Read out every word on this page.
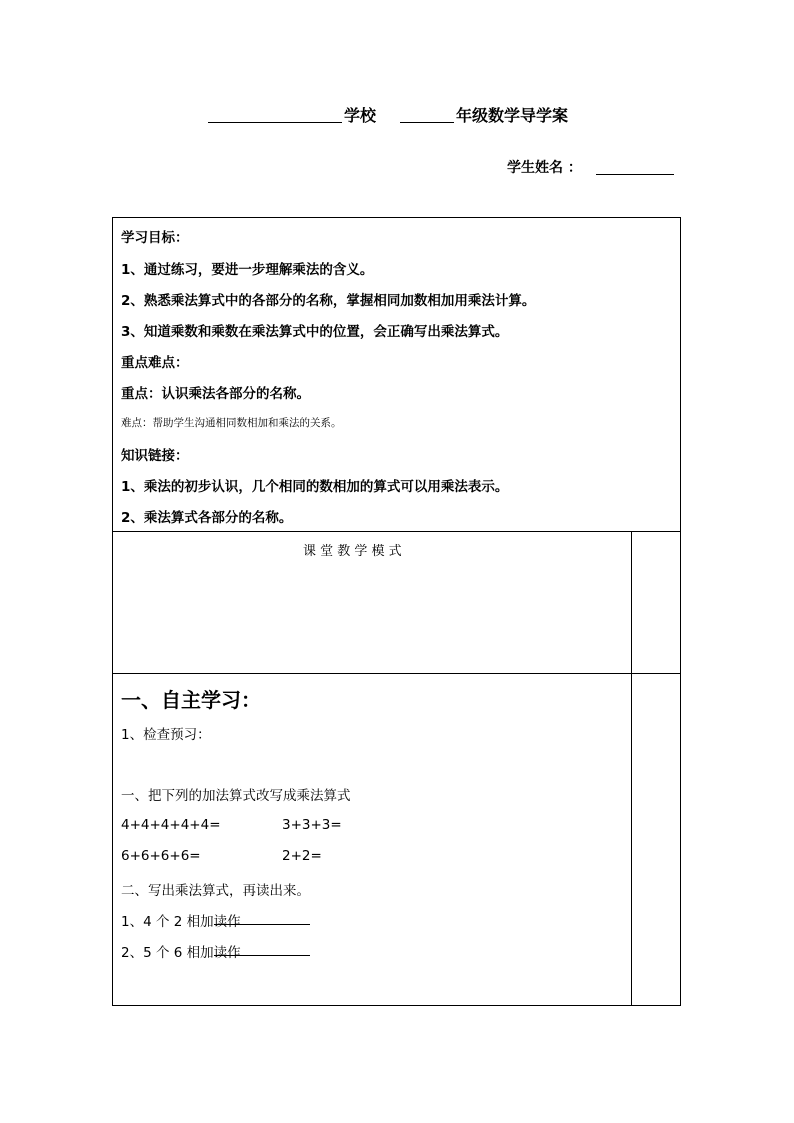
学校	年级数学导学案
学生姓名 ：
学习目标：
1、通过练习，要进一步理解乘法的含义。
2、熟悉乘法算式中的各部分的名称，掌握相同加数相加用乘法计算。
3、知道乘数和乘数在乘法算式中的位置，会正确写出乘法算式。
重点难点：
重点：认识乘法各部分的名称。
难点：帮助学生沟通相同数相加和乘法的关系。
知识链接：
1、乘法的初步认识，几个相同的数相加的算式可以用乘法表示。
2、乘法算式各部分的名称。
课 堂 教 学 模 式
一、自主学习：
1、检查预习：
一、把下列的加法算式改写成乘法算式
4+4+4+4+4=	3+3+3=
6+6+6+6=	2+2=
二、写出乘法算式，再读出来。
1、4 个 2 相加读作
2、5 个 6 相加读作
